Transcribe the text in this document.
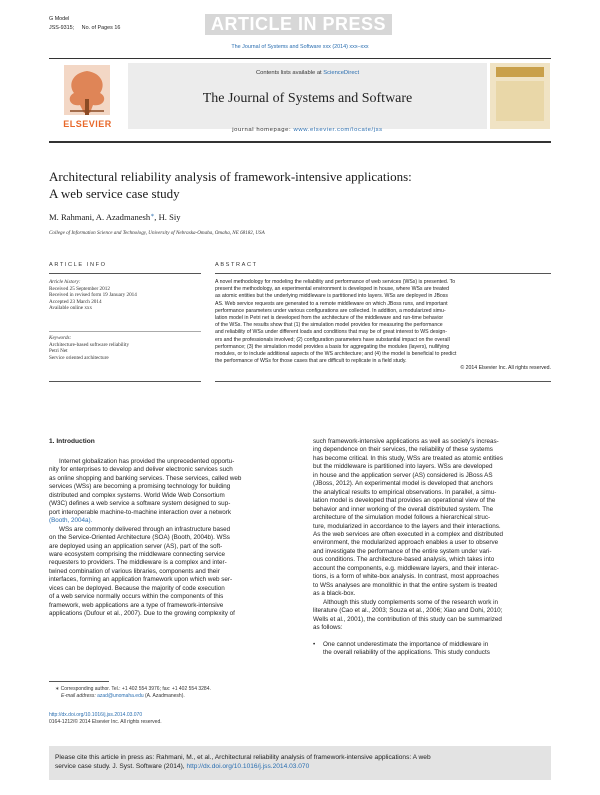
G Model
JSS-9315; No. of Pages 16	ARTICLE IN PRESS
The Journal of Systems and Software xxx (2014) xxx–xxx
ELSEVIER
Contents lists available at ScienceDirect
The Journal of Systems and Software
journal homepage: www.elsevier.com/locate/jss
Architectural reliability analysis of framework-intensive applications:
A web service case study
M. Rahmani, A. Azadmanesh∗, H. Siy
College of Information Science and Technology, University of Nebraska-Omaha, Omaha, NE 68182, USA
ARTICLE INFO	ABSTRACT
Article history:
Received 25 September 2012
Received in revised form 19 January 2014
Accepted 23 March 2014
Available online xxx
Keywords:
Architecture-based software reliability
Petri Net
Service oriented architecture
A novel methodology for modeling the reliability and performance of web services (WSs) is presented. To
present the methodology, an experimental environment is developed in house, where WSs are treated
as atomic entities but the underlying middleware is partitioned into layers. WSs are deployed in JBoss
AS. Web service requests are generated to a remote middleware on which JBoss runs, and important
performance parameters under various configurations are collected. In addition, a modularized simu-
lation model in Petri net is developed from the architecture of the middleware and run-time behavior
of the WSs. The results show that (1) the simulation model provides for measuring the performance
and reliability of WSs under different loads and conditions that may be of great interest to WS design-
ers and the professionals involved; (2) configuration parameters have substantial impact on the overall
performance; (3) the simulation model provides a basis for aggregating the modules (layers), nullifying
modules, or to include additional aspects of the WS architecture; and (4) the model is beneficial to predict
the performance of WSs for those cases that are difficult to replicate in a field study.
© 2014 Elsevier Inc. All rights reserved.
1. Introduction
Internet globalization has provided the unprecedented opportu-
nity for enterprises to develop and deliver electronic services such
as online shopping and banking services. These services, called web
services (WSs) are becoming a promising technology for building
distributed and complex systems. World Wide Web Consortium
(W3C) defines a web service a software system designed to sup-
port interoperable machine-to-machine interaction over a network
(Booth, 2004a).
WSs are commonly delivered through an infrastructure based
on the Service-Oriented Architecture (SOA) (Booth, 2004b). WSs
are deployed using an application server (AS), part of the soft-
ware ecosystem comprising the middleware connecting service
requesters to providers. The middleware is a complex and inter-
twined combination of various libraries, components and their
interfaces, forming an application framework upon which web ser-
vices can be deployed. Because the majority of code execution
of a web service normally occurs within the components of this
framework, web applications are a type of framework-intensive
applications (Dufour et al., 2007). Due to the growing complexity of
such framework-intensive applications as well as society’s increas-
ing dependence on their services, the reliability of these systems
has become critical. In this study, WSs are treated as atomic entities
but the middleware is partitioned into layers. WSs are developed
in house and the application server (AS) considered is JBoss AS
(JBoss, 2012). An experimental model is developed that anchors
the analytical results to empirical observations. In parallel, a simu-
lation model is developed that provides an operational view of the
behavior and inner working of the overall distributed system. The
architecture of the simulation model follows a hierarchical struc-
ture, modularized in accordance to the layers and their interactions.
As the web services are often executed in a complex and distributed
environment, the modularized approach enables a user to observe
and investigate the performance of the entire system under vari-
ous conditions. The architecture-based analysis, which takes into
account the components, e.g. middleware layers, and their interac-
tions, is a form of white-box analysis. In contrast, most approaches
to WSs analyses are monolithic in that the entire system is treated
as a black-box.
Although this study complements some of the research work in
literature (Cao et al., 2003; Souza et al., 2006; Xiao and Dohi, 2010;
Wells et al., 2001), the contribution of this study can be summarized
as follows:
• One cannot underestimate the importance of middleware in
the overall reliability of the applications. This study conducts
∗ Corresponding author. Tel.: +1 402 554 3976; fax: +1 402 554 3284.
E-mail address: azad@unomaha.edu (A. Azadmanesh).
http://dx.doi.org/10.1016/j.jss.2014.03.070
0164-1212/© 2014 Elsevier Inc. All rights reserved.
Please cite this article in press as: Rahmani, M., et al., Architectural reliability analysis of framework-intensive applications: A web
service case study. J. Syst. Software (2014), http://dx.doi.org/10.1016/j.jss.2014.03.070
